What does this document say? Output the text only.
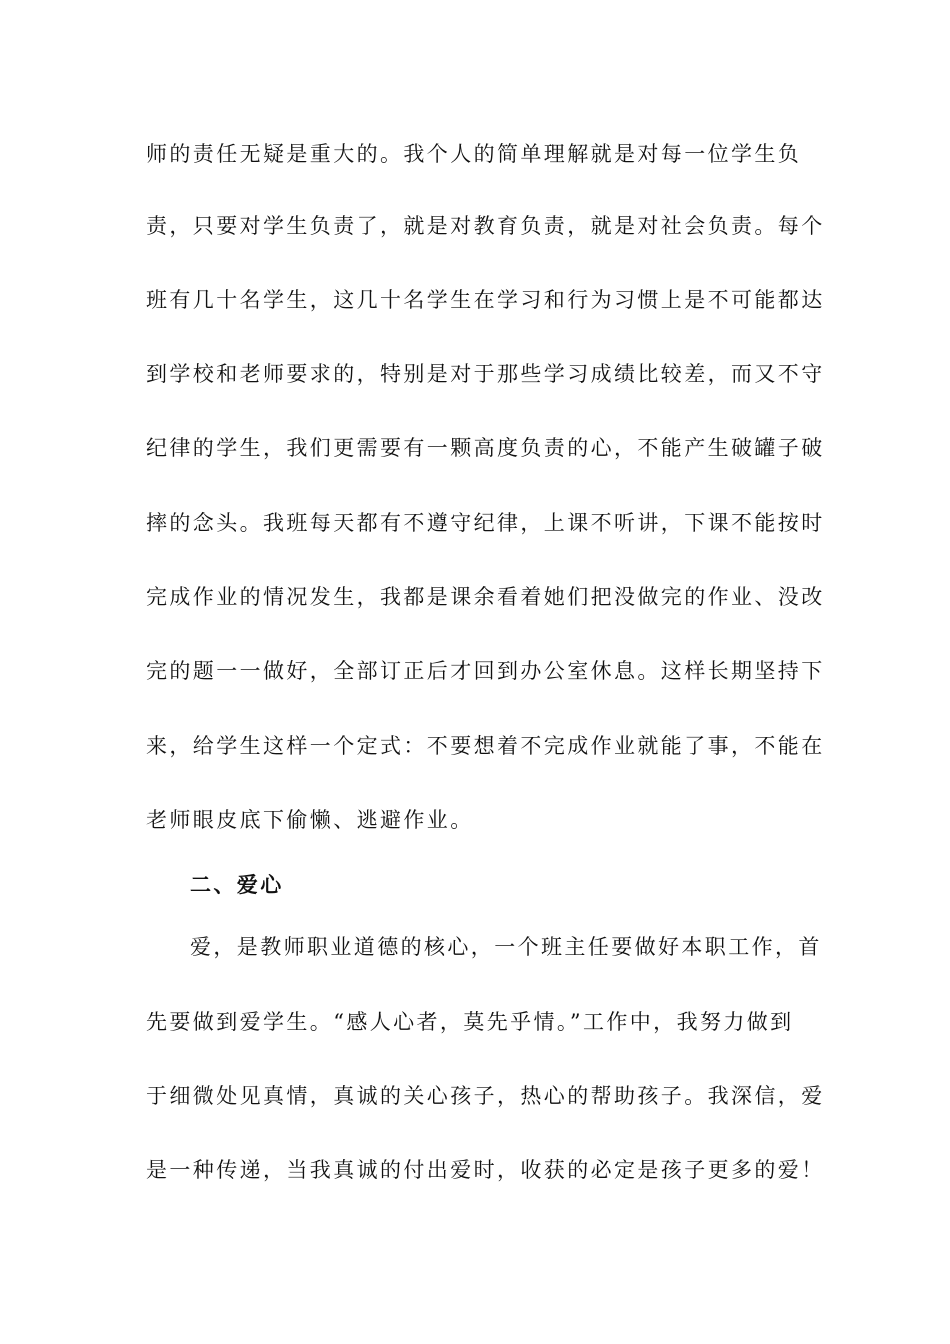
师的责任无疑是重大的。我个人的简单理解就是对每一位学生负
责，只要对学生负责了，就是对教育负责，就是对社会负责。每个
班有几十名学生，这几十名学生在学习和行为习惯上是不可能都达
到学校和老师要求的，特别是对于那些学习成绩比较差，而又不守
纪律的学生，我们更需要有一颗高度负责的心，不能产生破罐子破
摔的念头。我班每天都有不遵守纪律，上课不听讲，下课不能按时
完成作业的情况发生，我都是课余看着她们把没做完的作业、没改
完的题一一做好，全部订正后才回到办公室休息。这样长期坚持下
来，给学生这样一个定式：不要想着不完成作业就能了事，不能在
老师眼皮底下偷懒、逃避作业。
二、爱心
爱，是教师职业道德的核心，一个班主任要做好本职工作，首
先要做到爱学生。“感人心者，莫先乎情。”工作中，我努力做到
于细微处见真情，真诚的关心孩子，热心的帮助孩子。我深信，爱
是一种传递，当我真诚的付出爱时，收获的必定是孩子更多的爱！
